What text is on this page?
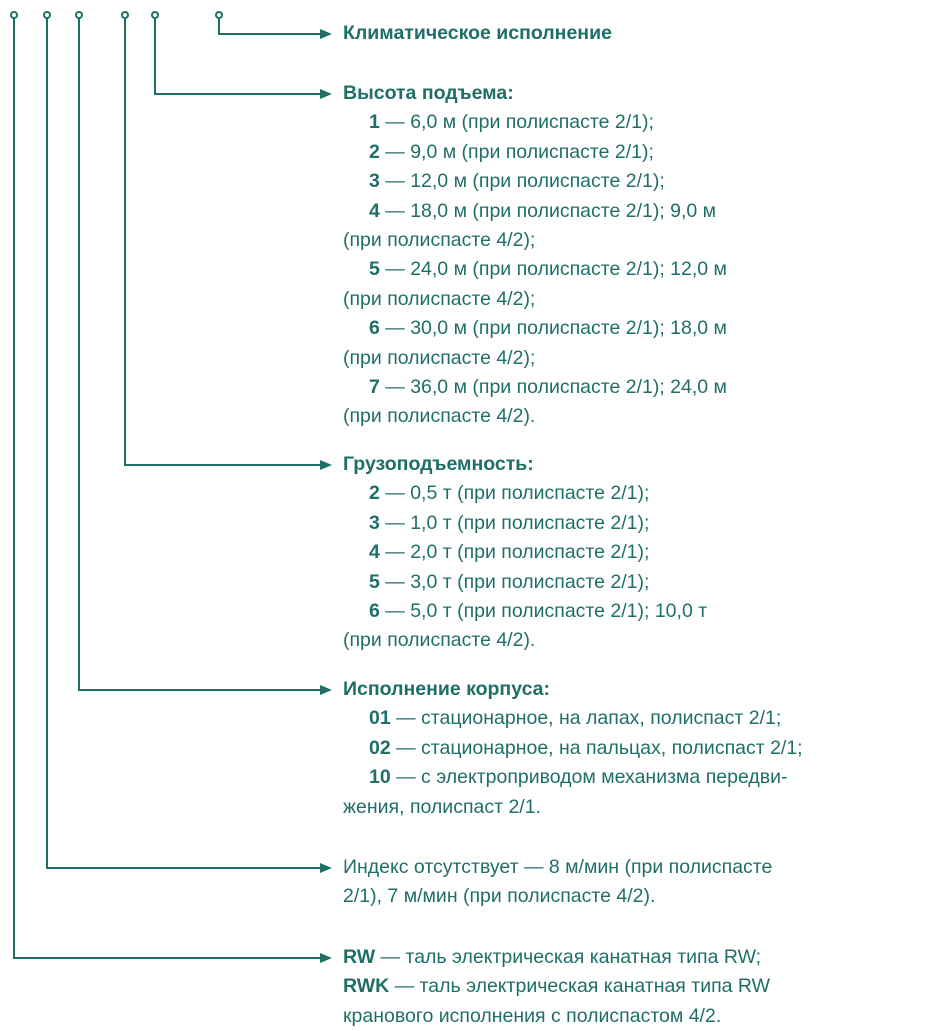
Климатическое исполнение
Высота подъема:
1 — 6,0 м (при полиспасте 2/1);
2 — 9,0 м (при полиспасте 2/1);
3 — 12,0 м (при полиспасте 2/1);
4 — 18,0 м (при полиспасте 2/1); 9,0 м
(при полиспасте 4/2);
5 — 24,0 м (при полиспасте 2/1); 12,0 м
(при полиспасте 4/2);
6 — 30,0 м (при полиспасте 2/1); 18,0 м
(при полиспасте 4/2);
7 — 36,0 м (при полиспасте 2/1); 24,0 м
(при полиспасте 4/2).
Грузоподъемность:
2 — 0,5 т (при полиспасте 2/1);
3 — 1,0 т (при полиспасте 2/1);
4 — 2,0 т (при полиспасте 2/1);
5 — 3,0 т (при полиспасте 2/1);
6 — 5,0 т (при полиспасте 2/1); 10,0 т
(при полиспасте 4/2).
Исполнение корпуса:
01 — стационарное, на лапах, полиспаст 2/1;
02 — стационарное, на пальцах, полиспаст 2/1;
10 — с электроприводом механизма передви-
жения, полиспаст 2/1.
Индекс отсутствует — 8 м/мин (при полиспасте
2/1), 7 м/мин (при полиспасте 4/2).
RW — таль электрическая канатная типа RW;
RWK — таль электрическая канатная типа RW
кранового исполнения с полиспастом 4/2.
